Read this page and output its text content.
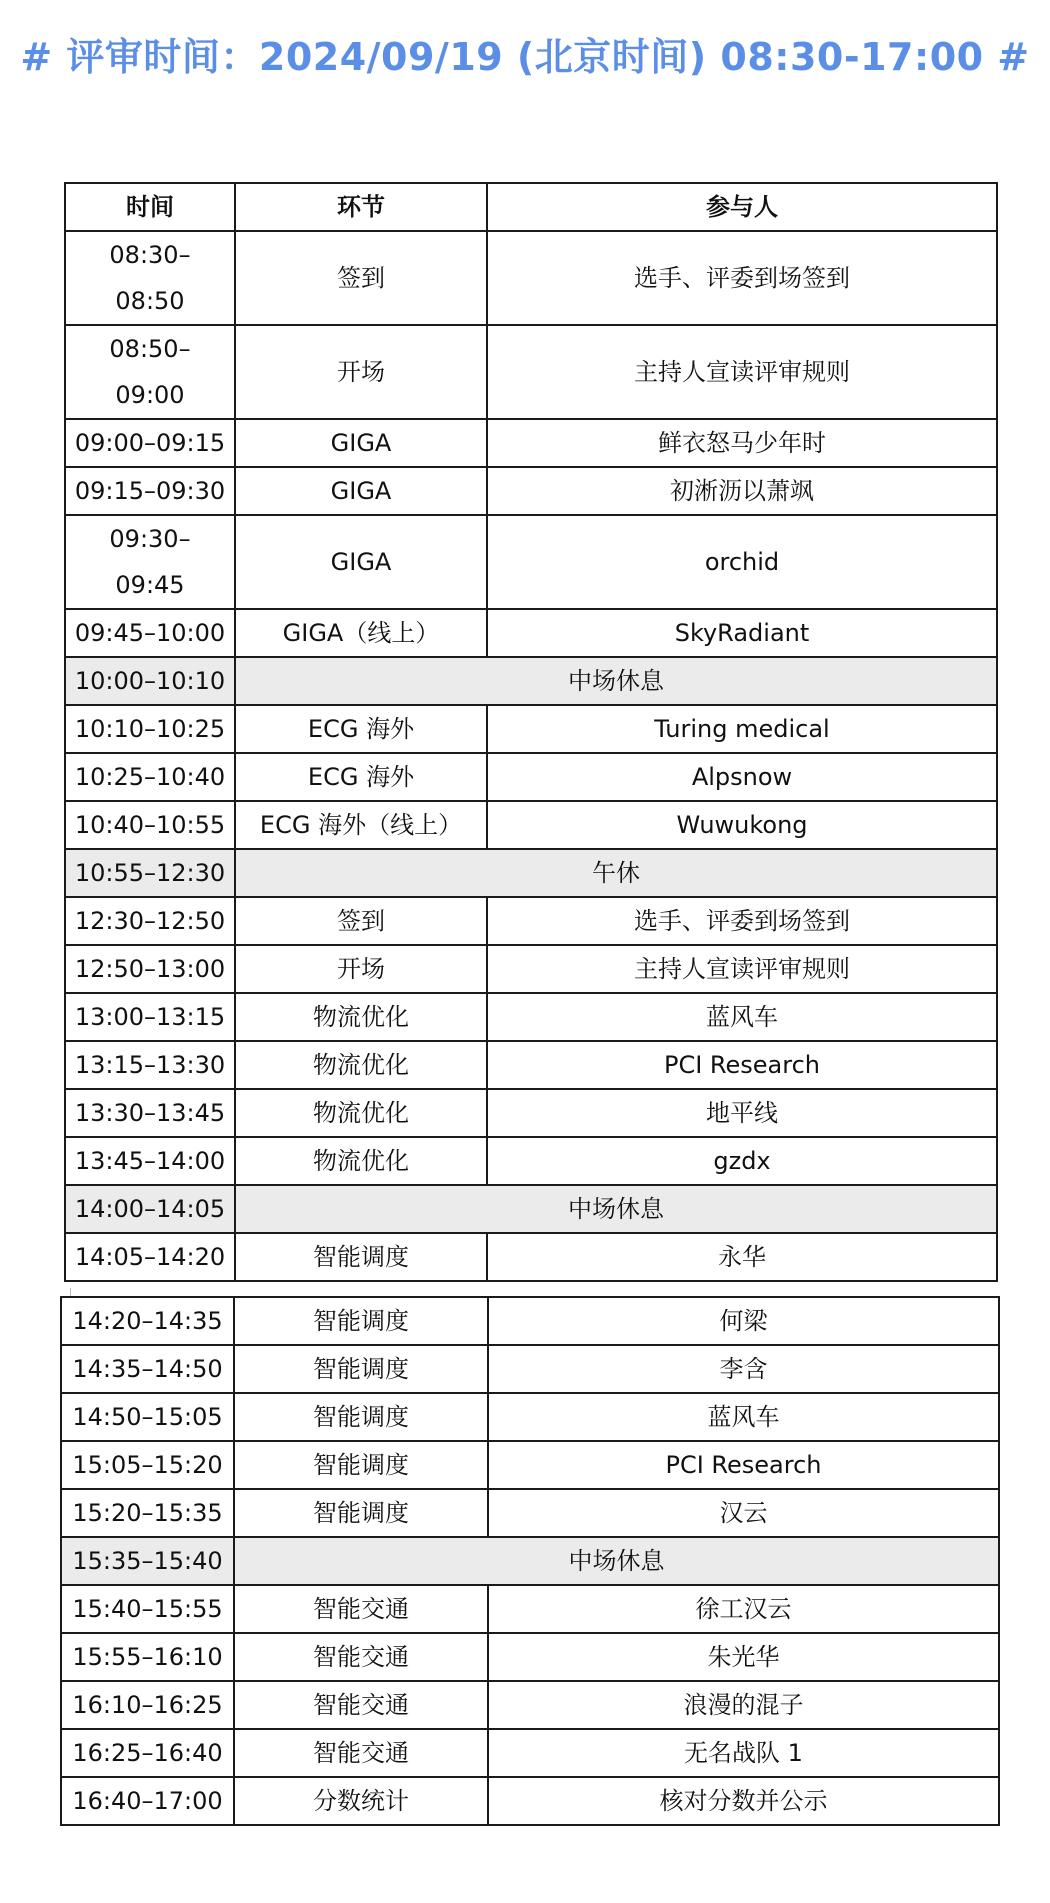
# 评审时间：2024/09/19 (北京时间) 08:30-17:00 #
时间	环节	参与人

08:30–
08:50	签到	选手、评委到场签到

08:50–
09:00	开场	主持人宣读评审规则

09:00–09:15	GIGA	鲜衣怒马少年时

09:15–09:30	GIGA	初淅沥以萧飒

09:30–
09:45	GIGA	orchid

09:45–10:00	GIGA（线上）	SkyRadiant

10:00–10:10	中场休息	

10:10–10:25	ECG 海外	Turing medical

10:25–10:40	ECG 海外	Alpsnow

10:40–10:55	ECG 海外（线上）	Wuwukong

10:55–12:30	午休	

12:30–12:50	签到	选手、评委到场签到

12:50–13:00	开场	主持人宣读评审规则

13:00–13:15	物流优化	蓝风车

13:15–13:30	物流优化	PCI Research

13:30–13:45	物流优化	地平线

13:45–14:00	物流优化	gzdx

14:00–14:05	中场休息	

14:05–14:20	智能调度	永华
14:20–14:35	智能调度	何梁

14:35–14:50	智能调度	李含

14:50–15:05	智能调度	蓝风车

15:05–15:20	智能调度	PCI Research

15:20–15:35	智能调度	汉云

15:35–15:40	中场休息	

15:40–15:55	智能交通	徐工汉云

15:55–16:10	智能交通	朱光华

16:10–16:25	智能交通	浪漫的混子

16:25–16:40	智能交通	无名战队 1

16:40–17:00	分数统计	核对分数并公示
